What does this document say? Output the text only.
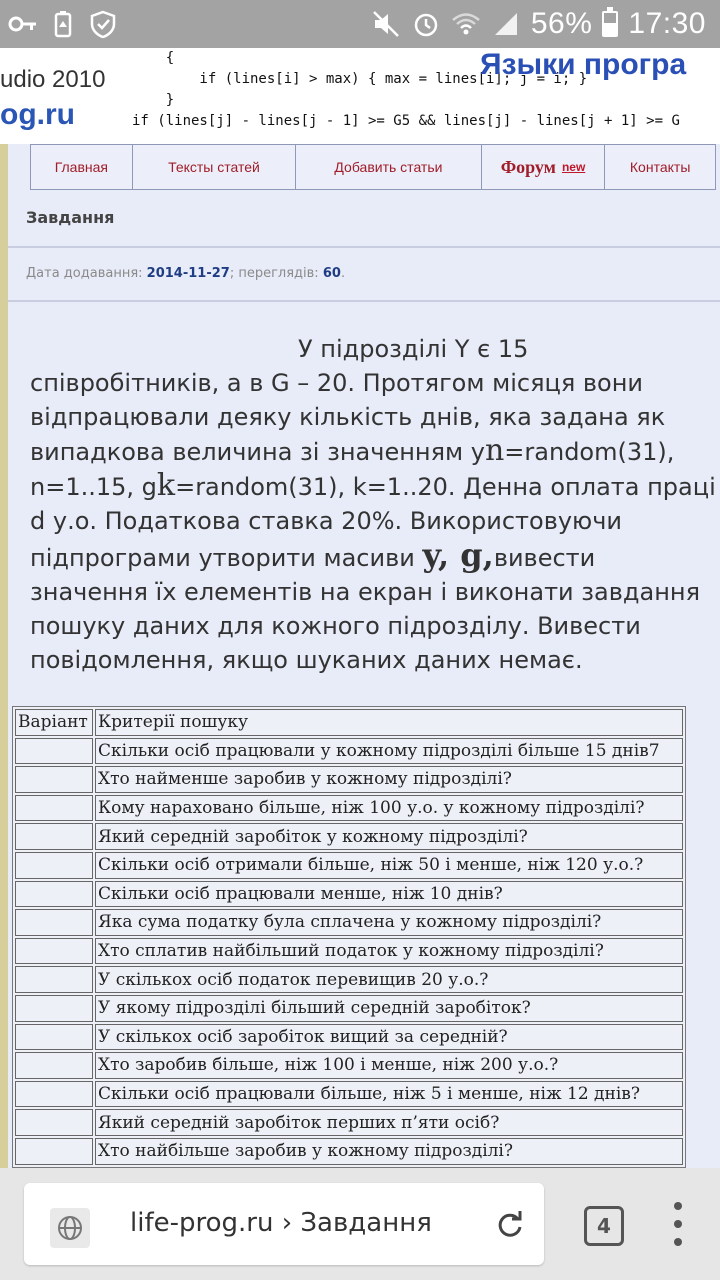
56% 17:30
udio 2010
og.ru
{
if (lines[i] > max) { max = lines[i]; j = i; }
}
if (lines[j] - lines[j - 1] >= G5 && lines[j] - lines[j + 1] >= G
Языки програ
Главная	Тексты статей	Добавить статьи	Форум new	Контакты
Завдання
Дата додавання: 2014-11-27; переглядів: 60.
У підрозділі Y є 15
співробітників, а в G – 20. Протягом місяця вони відпрацювали деяку кількість днів, яка задана як випадкова величина зі значенням yn=random(31), n=1..15, gk=random(31), k=1..20. Денна оплата праці d у.о. Податкова ставка 20%. Використовуючи підпрограми утворити масиви y, g,вивести значення їх елементів на екран і виконати завдання пошуку даних для кожного підрозділу. Вивести повідомлення, якщо шуканих даних немає.
Варіант	Критерії пошуку
	Скільки осіб працювали у кожному підрозділі більше 15 днів7
	Хто найменше заробив у кожному підрозділі?
	Кому нараховано більше, ніж 100 у.о. у кожному підрозділі?
	Який середній заробіток у кожному підрозділі?
	Скільки осіб отримали більше, ніж 50 і менше, ніж 120 у.о.?
	Скільки осіб працювали менше, ніж 10 днів?
	Яка сума податку була сплачена у кожному підрозділі?
	Хто сплатив найбільший податок у кожному підрозділі?
	У скількох осіб податок перевищив 20 у.о.?
	У якому підрозділі більший середній заробіток?
	У скількох осіб заробіток вищий за середній?
	Хто заробив більше, ніж 100 і менше, ніж 200 у.о.?
	Скільки осіб працювали більше, ніж 5 і менше, ніж 12 днів?
	Який середній заробіток перших п’яти осіб?
	Хто найбільше заробив у кожному підрозділі?
life-prog.ru › Завдання	4
